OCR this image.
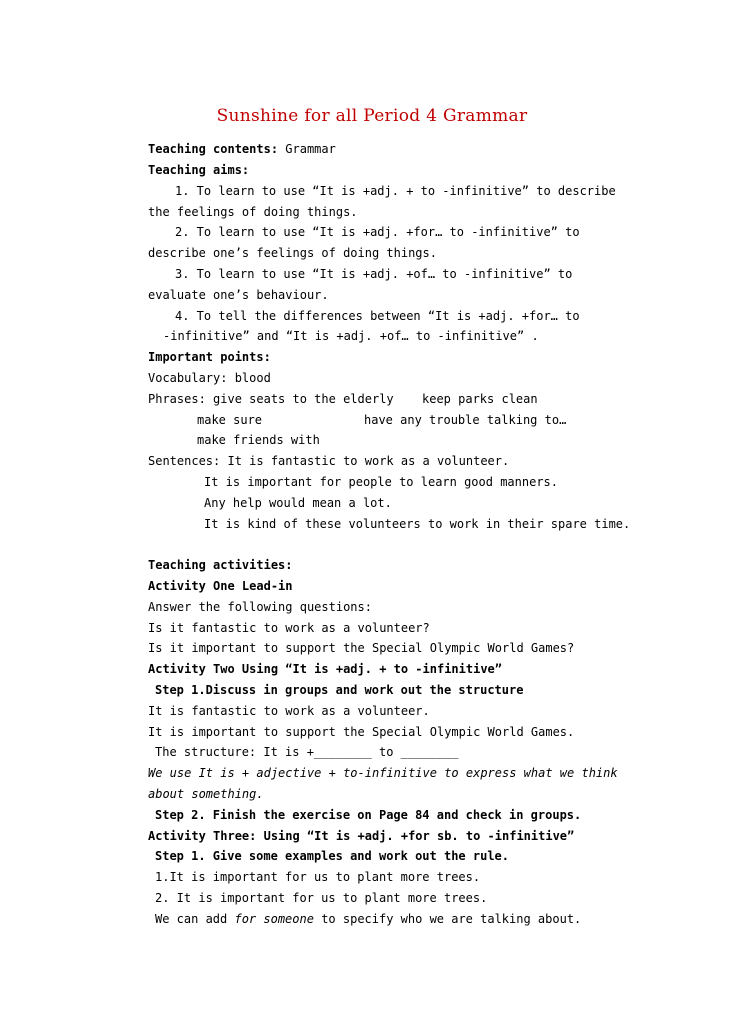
Sunshine for all Period 4 Grammar
Teaching contents: Grammar
Teaching aims:
1. To learn to use “It is +adj. + to -infinitive” to describe
the feelings of doing things.
2. To learn to use “It is +adj. +for… to -infinitive” to
describe one’s feelings of doing things.
3. To learn to use “It is +adj. +of… to -infinitive” to
evaluate one’s behaviour.
4. To tell the differences between “It is +adj. +for… to
-infinitive” and “It is +adj. +of… to -infinitive” .
Important points:
Vocabulary: blood
Phrases: give seats to the elderly keep parks clean
make sure	have any trouble talking to…
make friends with
Sentences: It is fantastic to work as a volunteer.
It is important for people to learn good manners.
Any help would mean a lot.
It is kind of these volunteers to work in their spare time.
Teaching activities:
Activity One Lead-in
Answer the following questions:
Is it fantastic to work as a volunteer?
Is it important to support the Special Olympic World Games?
Activity Two Using “It is +adj. + to -infinitive”
Step 1.Discuss in groups and work out the structure
It is fantastic to work as a volunteer.
It is important to support the Special Olympic World Games.
The structure: It is +________ to ________
We use It is + adjective + to-infinitive to express what we think
about something.
Step 2. Finish the exercise on Page 84 and check in groups.
Activity Three: Using “It is +adj. +for sb. to -infinitive”
Step 1. Give some examples and work out the rule.
1.It is important for us to plant more trees.
2. It is important for us to plant more trees.
We can add for someone to specify who we are talking about.
